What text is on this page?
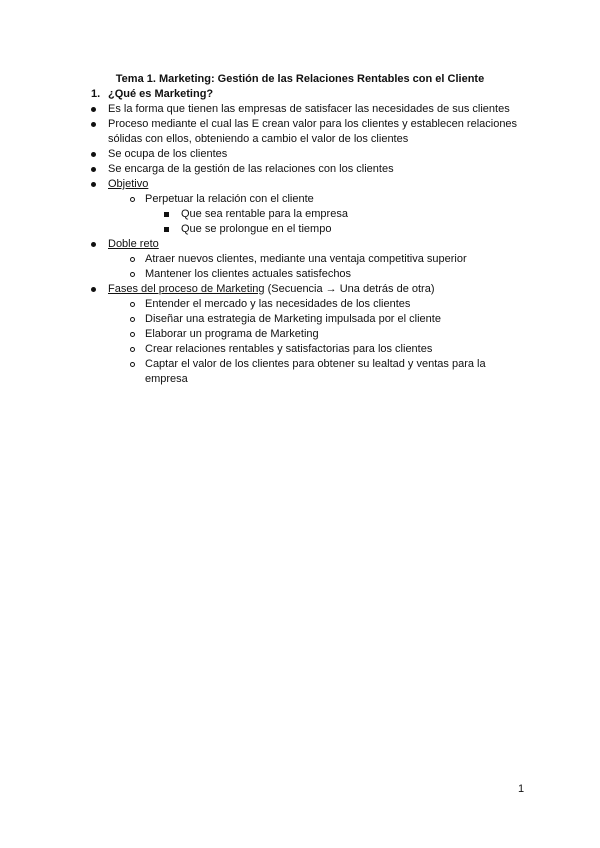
Tema 1. Marketing: Gestión de las Relaciones Rentables con el Cliente
1. ¿Qué es Marketing?
Es la forma que tienen las empresas de satisfacer las necesidades de sus clientes
Proceso mediante el cual las E crean valor para los clientes y establecen relaciones
sólidas con ellos, obteniendo a cambio el valor de los clientes
Se ocupa de los clientes
Se encarga de la gestión de las relaciones con los clientes
Objetivo
Perpetuar la relación con el cliente
Que sea rentable para la empresa
Que se prolongue en el tiempo
Doble reto
Atraer nuevos clientes, mediante una ventaja competitiva superior
Mantener los clientes actuales satisfechos
Fases del proceso de Marketing (Secuencia → Una detrás de otra)
Entender el mercado y las necesidades de los clientes
Diseñar una estrategia de Marketing impulsada por el cliente
Elaborar un programa de Marketing
Crear relaciones rentables y satisfactorias para los clientes
Captar el valor de los clientes para obtener su lealtad y ventas para la
empresa
1
